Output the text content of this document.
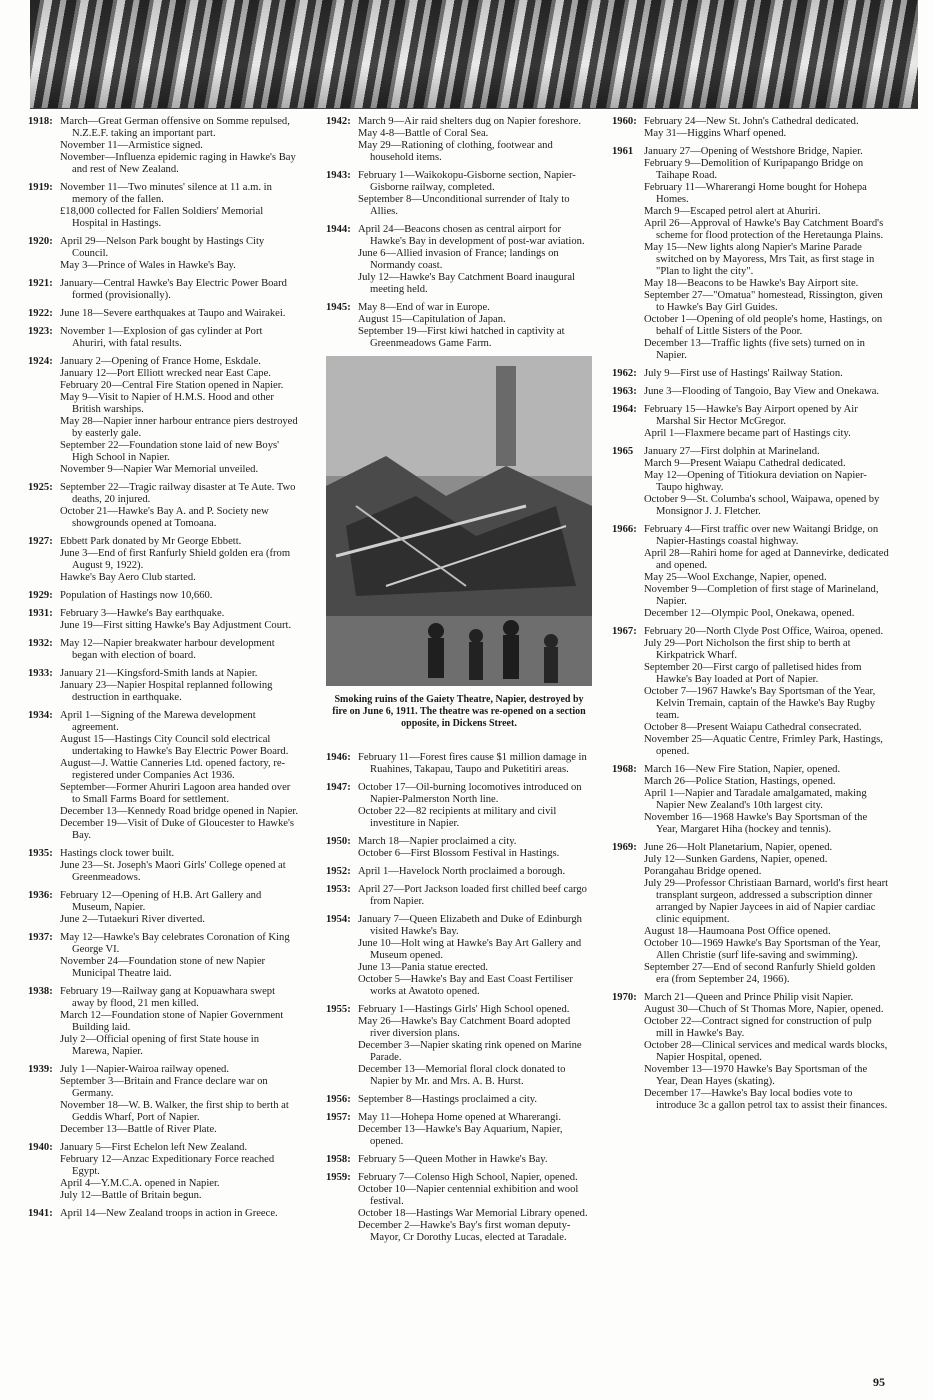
1918: March—Great German offensive on Somme repulsed, N.Z.E.F. taking an important part.
November 11—Armistice signed.
November—Influenza epidemic raging in Hawke's Bay and rest of New Zealand.
1919: November 11—Two minutes' silence at 11 a.m. in memory of the fallen.
£18,000 collected for Fallen Soldiers' Memorial Hospital in Hastings.
1920: April 29—Nelson Park bought by Hastings City Council.
May 3—Prince of Wales in Hawke's Bay.
1921: January—Central Hawke's Bay Electric Power Board formed (provisionally).
1922: June 18—Severe earthquakes at Taupo and Wairakei.
1923: November 1—Explosion of gas cylinder at Port Ahuriri, with fatal results.
1924: January 2—Opening of France Home, Eskdale.
January 12—Port Elliott wrecked near East Cape.
February 20—Central Fire Station opened in Napier.
May 9—Visit to Napier of H.M.S. Hood and other British warships.
May 28—Napier inner harbour entrance piers destroyed by easterly gale.
September 22—Foundation stone laid of new Boys' High School in Napier.
November 9—Napier War Memorial unveiled.
1925: September 22—Tragic railway disaster at Te Aute. Two deaths, 20 injured.
October 21—Hawke's Bay A. and P. Society new showgrounds opened at Tomoana.
1927: Ebbett Park donated by Mr George Ebbett.
June 3—End of first Ranfurly Shield golden era (from August 9, 1922).
Hawke's Bay Aero Club started.
1929: Population of Hastings now 10,660.
1931: February 3—Hawke's Bay earthquake.
June 19—First sitting Hawke's Bay Adjustment Court.
1932: May 12—Napier breakwater harbour development began with election of board.
1933: January 21—Kingsford-Smith lands at Napier.
January 23—Napier Hospital replanned following destruction in earthquake.
1934: April 1—Signing of the Marewa development agreement.
August 15—Hastings City Council sold electrical undertaking to Hawke's Bay Electric Power Board.
August—J. Wattie Canneries Ltd. opened factory, re-registered under Companies Act 1936.
September—Former Ahuriri Lagoon area handed over to Small Farms Board for settlement.
December 13—Kennedy Road bridge opened in Napier.
December 19—Visit of Duke of Gloucester to Hawke's Bay.
1935: Hastings clock tower built.
June 23—St. Joseph's Maori Girls' College opened at Greenmeadows.
1936: February 12—Opening of H.B. Art Gallery and Museum, Napier.
June 2—Tutaekuri River diverted.
1937: May 12—Hawke's Bay celebrates Coronation of King George VI.
November 24—Foundation stone of new Napier Municipal Theatre laid.
1938: February 19—Railway gang at Kopuawhara swept away by flood, 21 men killed.
March 12—Foundation stone of Napier Government Building laid.
July 2—Official opening of first State house in Marewa, Napier.
1939: July 1—Napier-Wairoa railway opened.
September 3—Britain and France declare war on Germany.
November 18—W. B. Walker, the first ship to berth at Geddis Wharf, Port of Napier.
December 13—Battle of River Plate.
1940: January 5—First Echelon left New Zealand.
February 12—Anzac Expeditionary Force reached Egypt.
April 4—Y.M.C.A. opened in Napier.
July 12—Battle of Britain begun.
1941: April 14—New Zealand troops in action in Greece.
1942: March 9—Air raid shelters dug on Napier foreshore.
May 4-8—Battle of Coral Sea.
May 29—Rationing of clothing, footwear and household items.
1943: February 1—Waikokopu-Gisborne section, Napier-Gisborne railway, completed.
September 8—Unconditional surrender of Italy to Allies.
1944: April 24—Beacons chosen as central airport for Hawke's Bay in development of post-war aviation.
June 6—Allied invasion of France; landings on Normandy coast.
July 12—Hawke's Bay Catchment Board inaugural meeting held.
1945: May 8—End of war in Europe.
August 15—Capitulation of Japan.
September 19—First kiwi hatched in captivity at Greenmeadows Game Farm.
Smoking ruins of the Gaiety Theatre, Napier, destroyed by fire on June 6, 1911. The theatre was re-opened on a section opposite, in Dickens Street.
1946: February 11—Forest fires cause $1 million damage in Ruahines, Takapau, Taupo and Puketitiri areas.
1947: October 17—Oil-burning locomotives introduced on Napier-Palmerston North line.
October 22—82 recipients at military and civil investiture in Napier.
1950: March 18—Napier proclaimed a city.
October 6—First Blossom Festival in Hastings.
1952: April 1—Havelock North proclaimed a borough.
1953: April 27—Port Jackson loaded first chilled beef cargo from Napier.
1954: January 7—Queen Elizabeth and Duke of Edinburgh visited Hawke's Bay.
June 10—Holt wing at Hawke's Bay Art Gallery and Museum opened.
June 13—Pania statue erected.
October 5—Hawke's Bay and East Coast Fertiliser works at Awatoto opened.
1955: February 1—Hastings Girls' High School opened.
May 26—Hawke's Bay Catchment Board adopted river diversion plans.
December 3—Napier skating rink opened on Marine Parade.
December 13—Memorial floral clock donated to Napier by Mr. and Mrs. A. B. Hurst.
1956: September 8—Hastings proclaimed a city.
1957: May 11—Hohepa Home opened at Wharerangi.
December 13—Hawke's Bay Aquarium, Napier, opened.
1958: February 5—Queen Mother in Hawke's Bay.
1959: February 7—Colenso High School, Napier, opened.
October 10—Napier centennial exhibition and wool festival.
October 18—Hastings War Memorial Library opened.
December 2—Hawke's Bay's first woman deputy-Mayor, Cr Dorothy Lucas, elected at Taradale.
1960: February 24—New St. John's Cathedral dedicated.
May 31—Higgins Wharf opened.
1961	January 27—Opening of Westshore Bridge, Napier.
February 9—Demolition of Kuripapango Bridge on Taihape Road.
February 11—Wharerangi Home bought for Hohepa Homes.
March 9—Escaped petrol alert at Ahuriri.
April 26—Approval of Hawke's Bay Catchment Board's scheme for flood protection of the Heretaunga Plains.
May 15—New lights along Napier's Marine Parade switched on by Mayoress, Mrs Tait, as first stage in "Plan to light the city".
May 18—Beacons to be Hawke's Bay Airport site.
September 27—"Omatua" homestead, Rissington, given to Hawke's Bay Girl Guides.
October 1—Opening of old people's home, Hastings, on behalf of Little Sisters of the Poor.
December 13—Traffic lights (five sets) turned on in Napier.
1962: July 9—First use of Hastings' Railway Station.
1963: June 3—Flooding of Tangoio, Bay View and Onekawa.
1964: February 15—Hawke's Bay Airport opened by Air Marshal Sir Hector McGregor.
April 1—Flaxmere became part of Hastings city.
1965	January 27—First dolphin at Marineland.
March 9—Present Waiapu Cathedral dedicated.
May 12—Opening of Titiokura deviation on Napier-Taupo highway.
October 9—St. Columba's school, Waipawa, opened by Monsignor J. J. Fletcher.
1966: February 4—First traffic over new Waitangi Bridge, on Napier-Hastings coastal highway.
April 28—Rahiri home for aged at Dannevirke, dedicated and opened.
May 25—Wool Exchange, Napier, opened.
November 9—Completion of first stage of Marineland, Napier.
December 12—Olympic Pool, Onekawa, opened.
1967: February 20—North Clyde Post Office, Wairoa, opened.
July 29—Port Nicholson the first ship to berth at Kirkpatrick Wharf.
September 20—First cargo of palletised hides from Hawke's Bay loaded at Port of Napier.
October 7—1967 Hawke's Bay Sportsman of the Year, Kelvin Tremain, captain of the Hawke's Bay Rugby team.
October 8—Present Waiapu Cathedral consecrated.
November 25—Aquatic Centre, Frimley Park, Hastings, opened.
1968: March 16—New Fire Station, Napier, opened.
March 26—Police Station, Hastings, opened.
April 1—Napier and Taradale amalgamated, making Napier New Zealand's 10th largest city.
November 16—1968 Hawke's Bay Sportsman of the Year, Margaret Hiha (hockey and tennis).
1969: June 26—Holt Planetarium, Napier, opened.
July 12—Sunken Gardens, Napier, opened.
Porangahau Bridge opened.
July 29—Professor Christiaan Barnard, world's first heart transplant surgeon, addressed a subscription dinner arranged by Napier Jaycees in aid of Napier cardiac clinic equipment.
August 18—Haumoana Post Office opened.
October 10—1969 Hawke's Bay Sportsman of the Year, Allen Christie (surf life-saving and swimming).
September 27—End of second Ranfurly Shield golden era (from September 24, 1966).
1970: March 21—Queen and Prince Philip visit Napier.
August 30—Chuch of St Thomas More, Napier, opened.
October 22—Contract signed for construction of pulp mill in Hawke's Bay.
October 28—Clinical services and medical wards blocks, Napier Hospital, opened.
November 13—1970 Hawke's Bay Sportsman of the Year, Dean Hayes (skating).
December 17—Hawke's Bay local bodies vote to introduce 3c a gallon petrol tax to assist their finances.
95
